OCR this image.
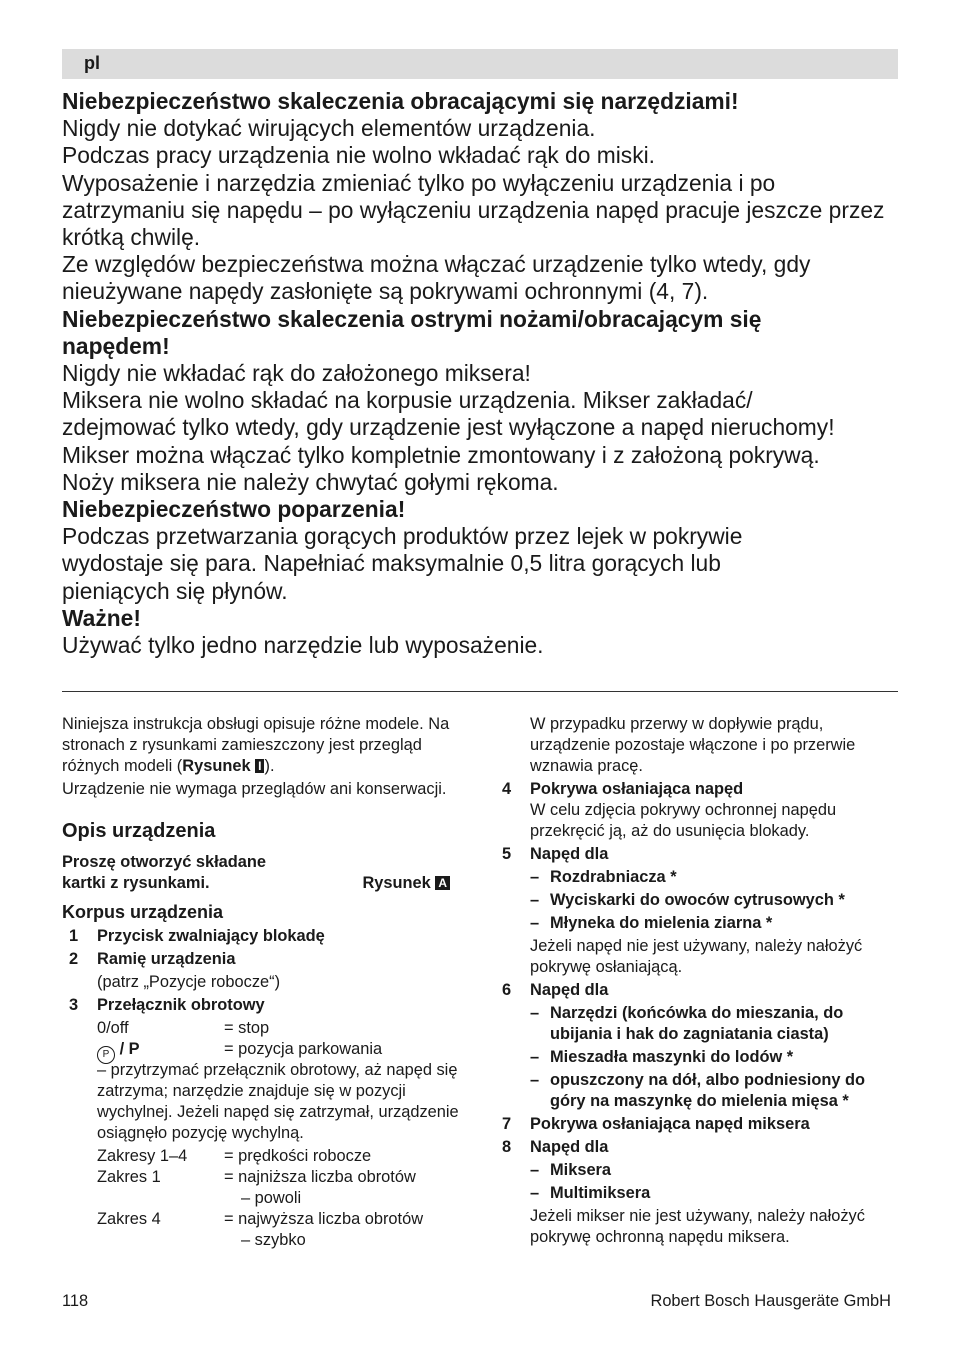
pl

Niebezpieczeństwo skaleczenia obracającymi się narzędziami!

Nigdy nie dotykać wirujących elementów urządzenia.

Podczas pracy urządzenia nie wolno wkładać rąk do miski.

Wyposażenie i narzędzia zmieniać tylko po wyłączeniu urządzenia i po zatrzymaniu się napędu – po wyłączeniu urządzenia napęd pracuje jeszcze przez krótką chwilę.

Ze względów bezpieczeństwa można włączać urządzenie tylko wtedy, gdy nieużywane napędy zasłonięte są pokrywami ochronnymi (4, 7).

Niebezpieczeństwo skaleczenia ostrymi nożami/obracającym się napędem!

Nigdy nie wkładać rąk do założonego miksera!

Miksera nie wolno składać na korpusie urządzenia. Mikser zakładać/ zdejmować tylko wtedy, gdy urządzenie jest wyłączone a napęd nieruchomy!

Mikser można włączać tylko kompletnie zmontowany i z założoną pokrywą.

Noży miksera nie należy chwytać gołymi rękoma.

Niebezpieczeństwo poparzenia!

Podczas przetwarzania gorących produktów przez lejek w pokrywie wydostaje się para. Napełniać maksymalnie 0,5 litra gorących lub pieniących się płynów.

Ważne!

Używać tylko jedno narzędzie lub wyposażenie.

Niniejsza instrukcja obsługi opisuje różne modele. Na stronach z rysunkami zamieszczony jest przegląd różnych modeli (Rysunek I ).

Urządzenie nie wymaga przeglądów ani konserwacji.

Opis urządzenia
Proszę otworzyć składane kartki z rysunkami.	Rysunek A
Korpus urządzenia
1 Przycisk zwalniający blokadę
2 Ramię urządzenia
(patrz „Pozycje robocze“)
3 Przełącznik obrotowy
0/off	= stop
P / P	= pozycja parkowania
– przytrzymać przełącznik obrotowy, aż napęd się zatrzyma; narzędzie znajduje się w pozycji wychylnej. Jeżeli napęd się zatrzymał, urządzenie osiągnęło pozycję wychylną.
Zakresy 1–4 = prędkości robocze
Zakres 1	= najniższa liczba obrotów
– powoli
Zakres 4	= najwyższa liczba obrotów
– szybko
W przypadku przerwy w dopływie prądu, urządzenie pozostaje włączone i po przerwie wznawia pracę.
4 Pokrywa osłaniająca napęd
W celu zdjęcia pokrywy ochronnej napędu przekręcić ją, aż do usunięcia blokady.
5 Napęd dla
– Rozdrabniacza *
– Wyciskarki do owoców cytrusowych *
– Młyneka do mielenia ziarna *
Jeżeli napęd nie jest używany, należy nałożyć pokrywę osłaniającą.
6 Napęd dla
– Narzędzi (końcówka do mieszania, do ubijania i hak do zagniatania ciasta)
– Mieszadła maszynki do lodów *
– opuszczony na dół, albo podniesiony do góry na maszynkę do mielenia mięsa *
7 Pokrywa osłaniająca napęd miksera
8 Napęd dla
– Miksera
– Multimiksera
Jeżeli mikser nie jest używany, należy nałożyć pokrywę ochronną napędu miksera.
118	Robert Bosch Hausgeräte GmbH
